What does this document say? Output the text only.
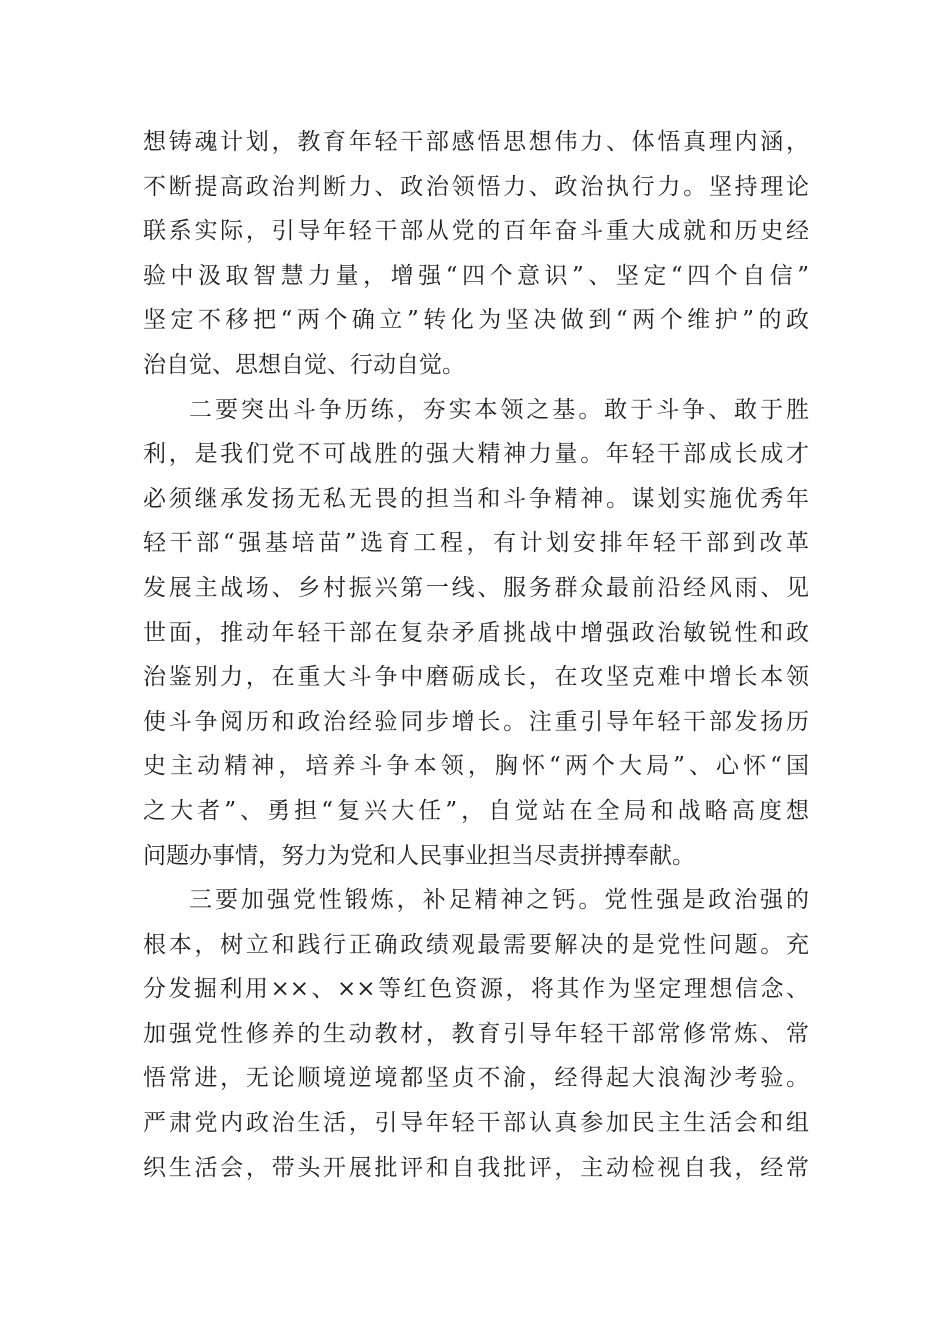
想铸魂计划，教育年轻干部感悟思想伟力、体悟真理内涵，
不断提高政治判断力、政治领悟力、政治执行力。坚持理论
联系实际，引导年轻干部从党的百年奋斗重大成就和历史经
验中汲取智慧力量，增强“四个意识”、坚定“四个自信”
坚定不移把“两个确立”转化为坚决做到“两个维护”的政
治自觉、思想自觉、行动自觉。
二要突出斗争历练，夯实本领之基。敢于斗争、敢于胜
利，是我们党不可战胜的强大精神力量。年轻干部成长成才
必须继承发扬无私无畏的担当和斗争精神。谋划实施优秀年
轻干部“强基培苗”选育工程，有计划安排年轻干部到改革
发展主战场、乡村振兴第一线、服务群众最前沿经风雨、见
世面，推动年轻干部在复杂矛盾挑战中增强政治敏锐性和政
治鉴别力，在重大斗争中磨砺成长，在攻坚克难中增长本领
使斗争阅历和政治经验同步增长。注重引导年轻干部发扬历
史主动精神，培养斗争本领，胸怀“两个大局”、心怀“国
之大者”、勇担“复兴大任”，自觉站在全局和战略高度想
问题办事情，努力为党和人民事业担当尽责拼搏奉献。
三要加强党性锻炼，补足精神之钙。党性强是政治强的
根本，树立和践行正确政绩观最需要解决的是党性问题。充
分发掘利用××、××等红色资源，将其作为坚定理想信念、
加强党性修养的生动教材，教育引导年轻干部常修常炼、常
悟常进，无论顺境逆境都坚贞不渝，经得起大浪淘沙考验。
严肃党内政治生活，引导年轻干部认真参加民主生活会和组
织生活会，带头开展批评和自我批评，主动检视自我，经常
